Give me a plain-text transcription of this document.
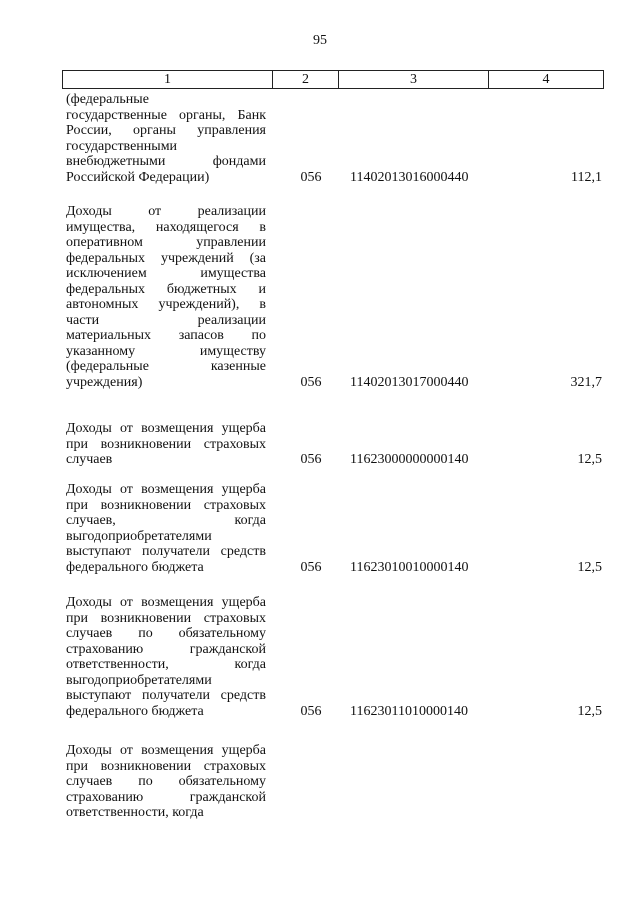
95
1	2	3	4
(федеральные
государственные органы, Банк
России, органы управления
государственными
внебюджетными фондами
Российской Федерации)	056	11402013016000440	112,1
Доходы от реализации
имущества, находящегося в
оперативном управлении
федеральных учреждений (за
исключением имущества
федеральных бюджетных и
автономных учреждений), в
части реализации
материальных запасов по
указанному имуществу
(федеральные казенные
учреждения)	056	11402013017000440	321,7
Доходы от возмещения ущерба
при возникновении страховых
случаев	056	11623000000000140	12,5
Доходы от возмещения ущерба
при возникновении страховых
случаев, когда
выгодоприобретателями
выступают получатели средств
федерального бюджета	056	11623010010000140	12,5
Доходы от возмещения ущерба
при возникновении страховых
случаев по обязательному
страхованию гражданской
ответственности, когда
выгодоприобретателями
выступают получатели средств
федерального бюджета	056	11623011010000140	12,5
Доходы от возмещения ущерба
при возникновении страховых
случаев по обязательному
страхованию гражданской
ответственности, когда
